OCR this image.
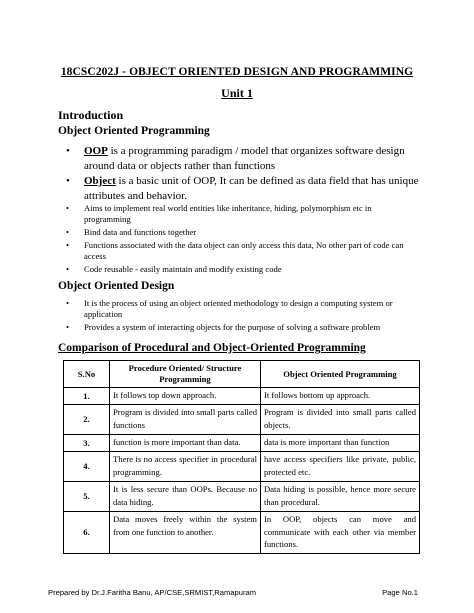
18CSC202J - OBJECT ORIENTED DESIGN AND PROGRAMMING
Unit 1
Introduction
Object Oriented Programming
• OOP is a programming paradigm / model that organizes software design around data or objects rather than functions
• Object is a basic unit of OOP, It can be defined as data field that has unique attributes and behavior.
• Aims to implement real world entities like inheritance, hiding, polymorphism etc in programming
• Bind data and functions together
• Functions associated with the data object can only access this data, No other part of code can access
• Code reusable - easily maintain and modify existing code
Object Oriented Design
• It is the process of using an object oriented methodology to design a computing system or application
• Provides a system of interacting objects for the purpose of solving a software problem
Comparison of Procedural and Object-Oriented Programming
S.No	Procedure Oriented/ Structure Programming	Object Oriented Programming
1.	It follows top down approach.	It follows bottom up approach.
2.	Program is divided into small parts called functions	Program is divided into small parts called objects.
3.	function is more important than data.	data is more important than function
4.	There is no access specifier in procedural programming.	have access specifiers like private, public, protected etc.
5.	It is less secure than OOPs. Because no data hiding.	Data hiding is possible, hence more secure than procedural.
6.	Data moves freely within the system from one function to another.	In OOP, objects can move and communicate with each other via member functions.
Prepared by Dr.J.Faritha Banu, AP/CSE,SRMIST,Ramapuram	Page No.1
